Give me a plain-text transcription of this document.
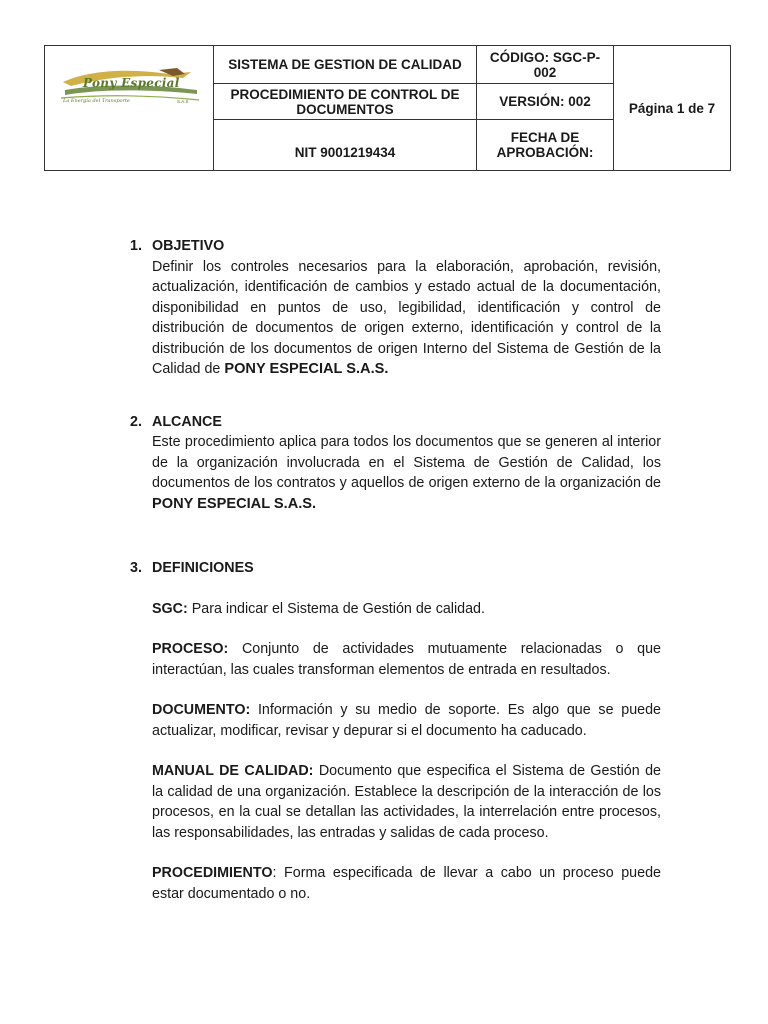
Pony Especial
La Energía del Transporte S.A.S	SISTEMA DE GESTION DE CALIDAD	CÓDIGO: SGC-P-002	Página 1 de 7
	PROCEDIMIENTO DE CONTROL DE DOCUMENTOS	VERSIÓN: 002	
	NIT 9001219434	FECHA DE APROBACIÓN:	
1. OBJETIVO
Definir los controles necesarios para la elaboración, aprobación, revisión, actualización, identificación de cambios y estado actual de la documentación, disponibilidad en puntos de uso, legibilidad, identificación y control de distribución de documentos de origen externo, identificación y control de la distribución de los documentos de origen Interno del Sistema de Gestión de la Calidad de PONY ESPECIAL S.A.S.
2. ALCANCE
Este procedimiento aplica para todos los documentos que se generen al interior de la organización involucrada en el Sistema de Gestión de Calidad, los documentos de los contratos y aquellos de origen externo de la organización de PONY ESPECIAL S.A.S.
3. DEFINICIONES
SGC: Para indicar el Sistema de Gestión de calidad.
PROCESO: Conjunto de actividades mutuamente relacionadas o que interactúan, las cuales transforman elementos de entrada en resultados.
DOCUMENTO: Información y su medio de soporte. Es algo que se puede actualizar, modificar, revisar y depurar si el documento ha caducado.
MANUAL DE CALIDAD: Documento que especifica el Sistema de Gestión de la calidad de una organización. Establece la descripción de la interacción de los procesos, en la cual se detallan las actividades, la interrelación entre procesos, las responsabilidades, las entradas y salidas de cada proceso.
PROCEDIMIENTO: Forma especificada de llevar a cabo un proceso puede estar documentado o no.
